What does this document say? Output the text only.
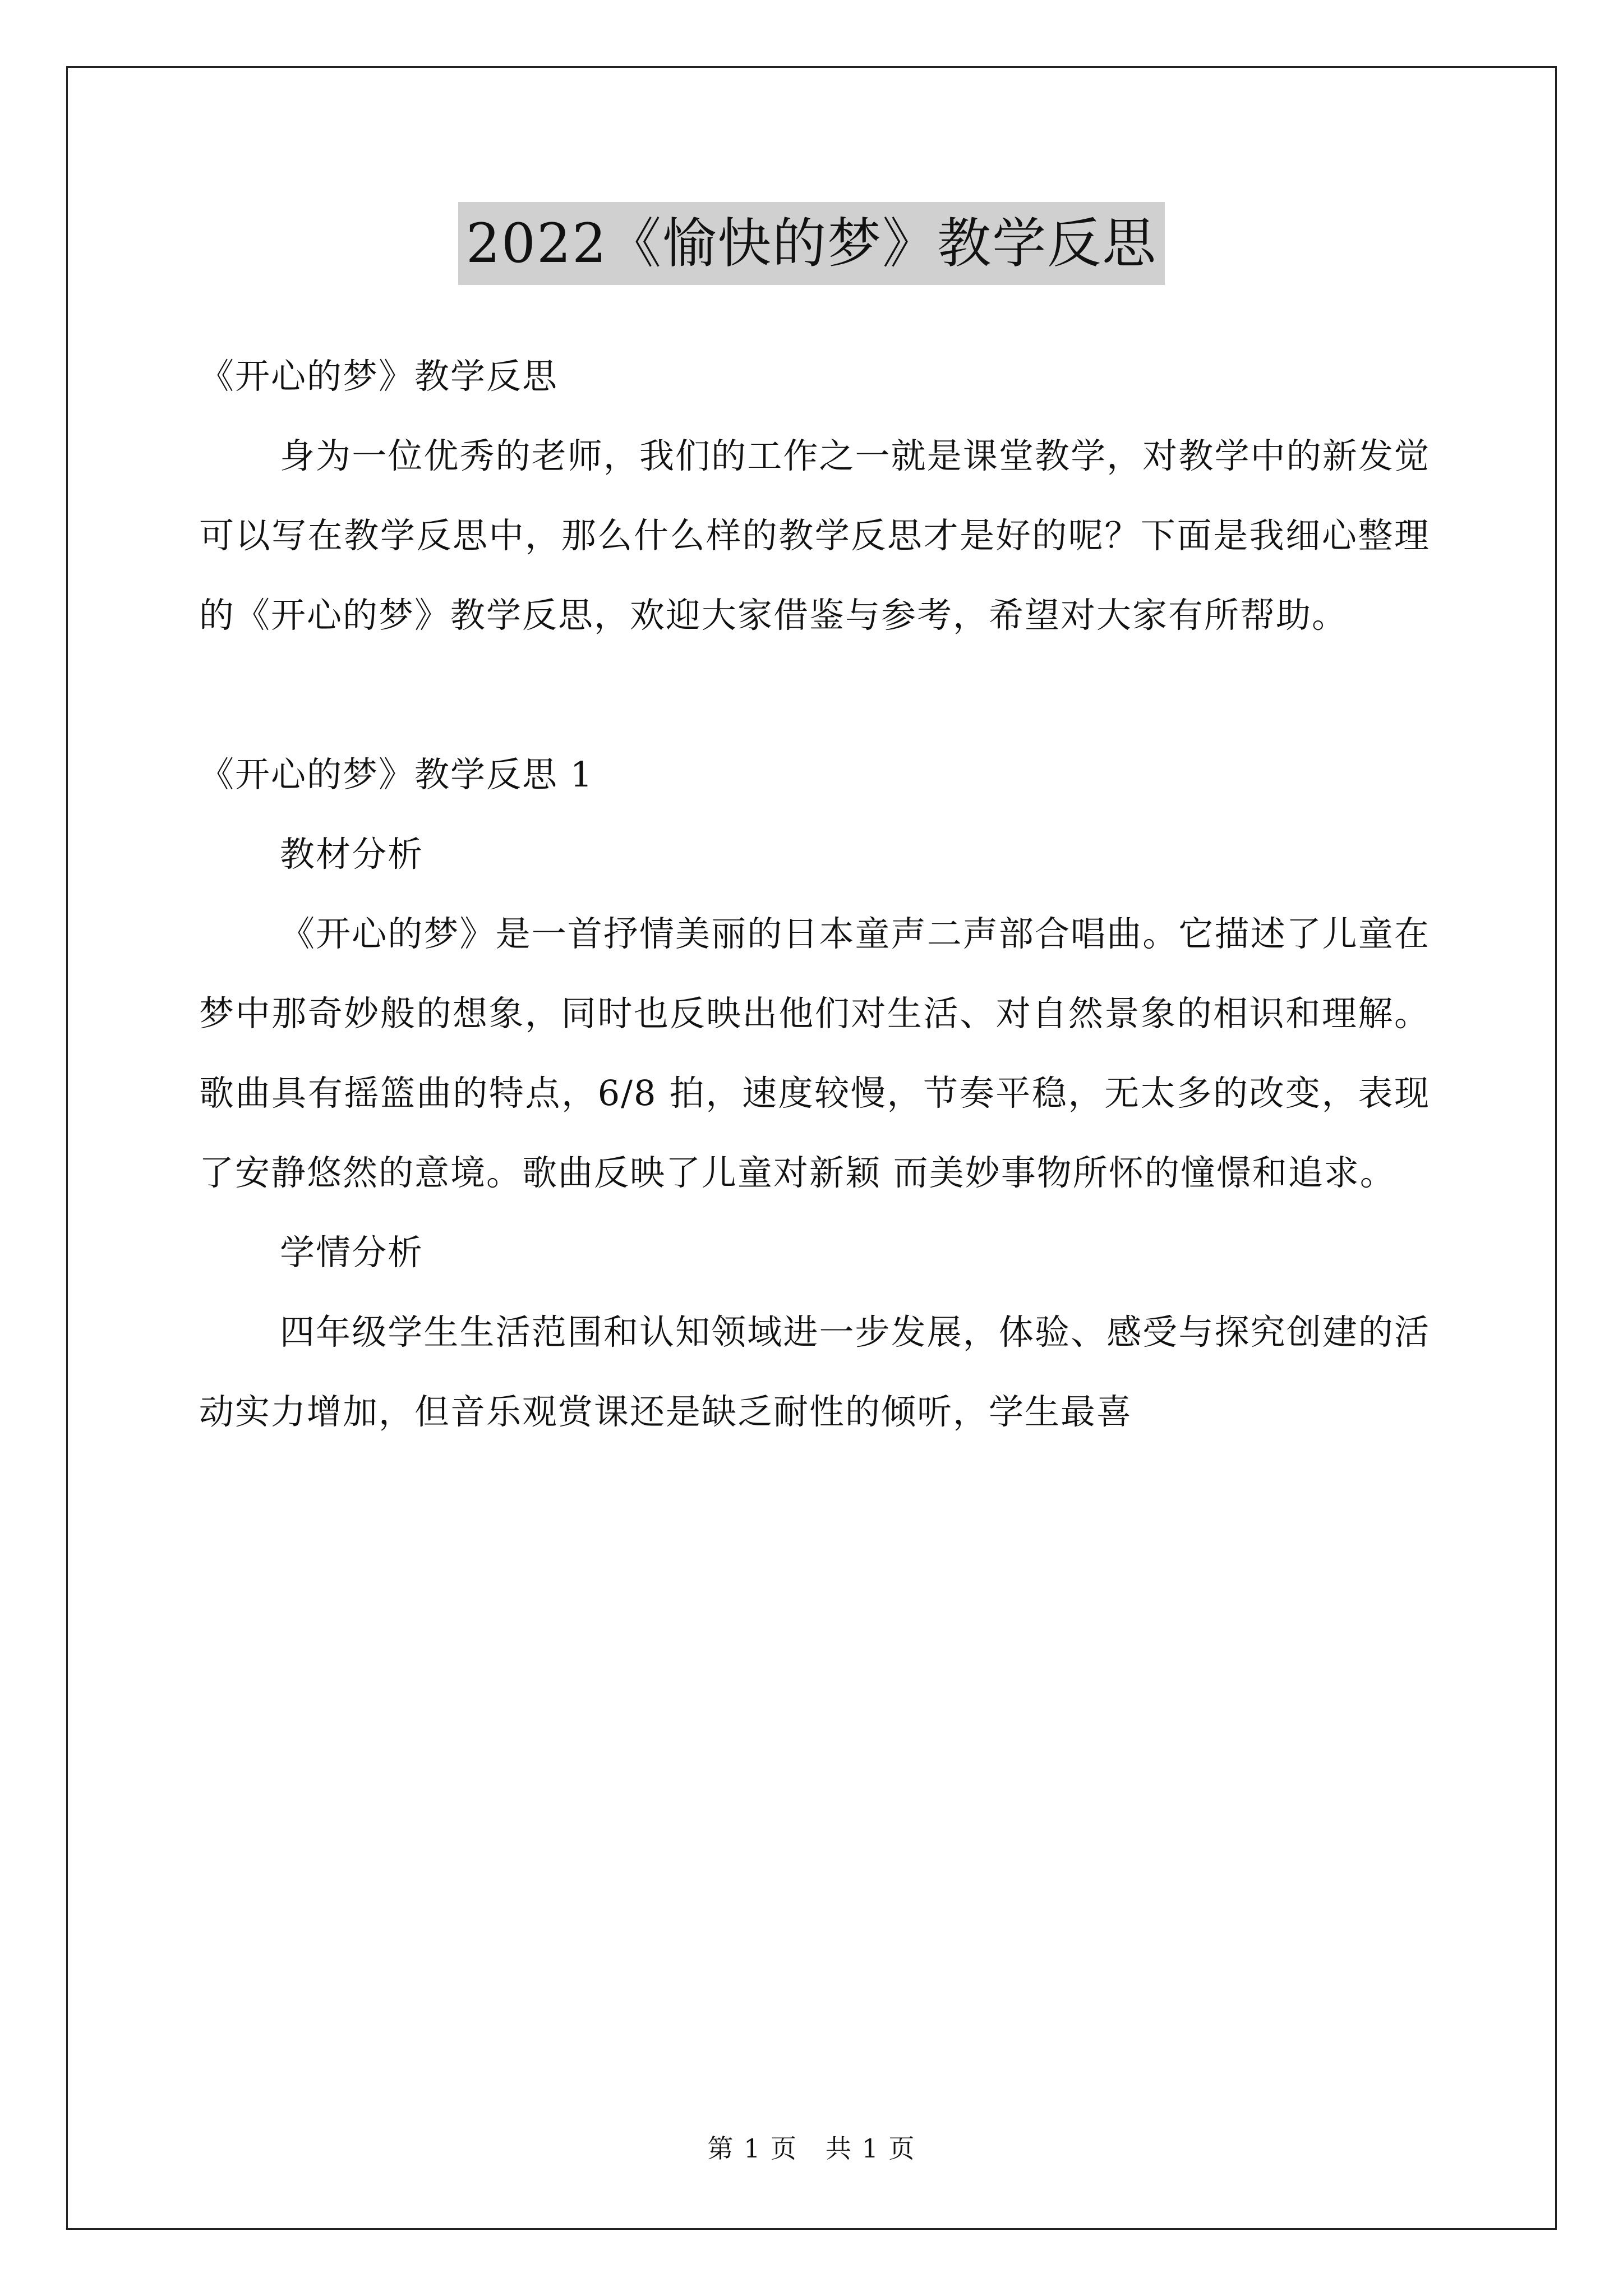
2022《愉快的梦》教学反思

《开心的梦》教学反思

身为一位优秀的老师，我们的工作之一就是课堂教学，对教学中的新发觉可以写在教学反思中，那么什么样的教学反思才是好的呢？下面是我细心整理的《开心的梦》教学反思，欢迎大家借鉴与参考，希望对大家有所帮助。

《开心的梦》教学反思 1

教材分析

《开心的梦》是一首抒情美丽的日本童声二声部合唱曲。它描述了儿童在梦中那奇妙般的想象，同时也反映出他们对生活、对自然景象的相识和理解。歌曲具有摇篮曲的特点，6/8 拍，速度较慢，节奏平稳，无太多的改变，表现了安静悠然的意境。歌曲反映了儿童对新颖 而美妙事物所怀的憧憬和追求。

学情分析

四年级学生生活范围和认知领域进一步发展，体验、感受与探究创建的活动实力增加，但音乐观赏课还是缺乏耐性的倾听，学生最喜

第 1 页 共 1 页
